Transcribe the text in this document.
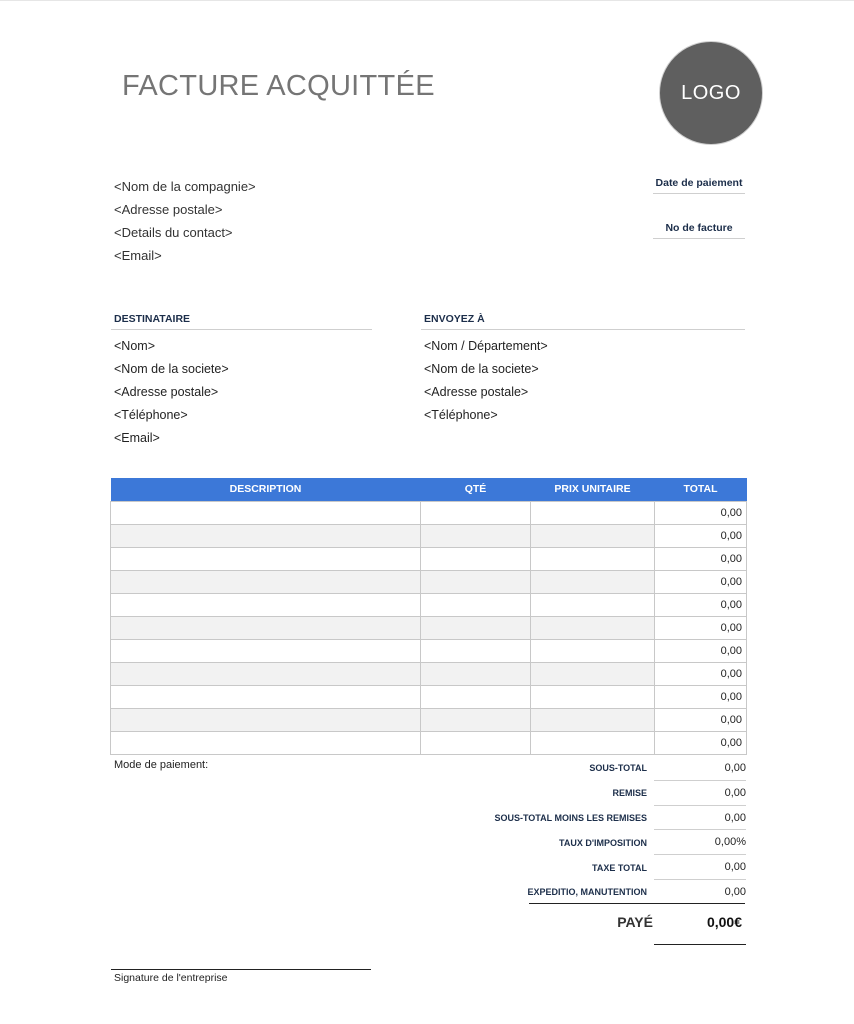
FACTURE ACQUITTÉE	LOGO
<Nom de la compagnie>
<Adresse postale>
<Details du contact>
<Email>
Date de paiement
No de facture
DESTINATAIRE
<Nom>
<Nom de la societe>
<Adresse postale>
<Téléphone>
<Email>
ENVOYEZ À
<Nom / Département>
<Nom de la societe>
<Adresse postale>
<Téléphone>
DESCRIPTION	QTÉ	PRIX UNITAIRE	TOTAL
			0,00
			0,00
			0,00
			0,00
			0,00
			0,00
			0,00
			0,00
			0,00
			0,00
			0,00
Mode de paiement:	SOUS-TOTAL	0,00
REMISE	0,00
SOUS-TOTAL MOINS LES REMISES	0,00
TAUX D'IMPOSITION	0,00%
TAXE TOTAL	0,00
EXPEDITIO, MANUTENTION	0,00
PAYÉ	0,00€
Signature de l'entreprise
